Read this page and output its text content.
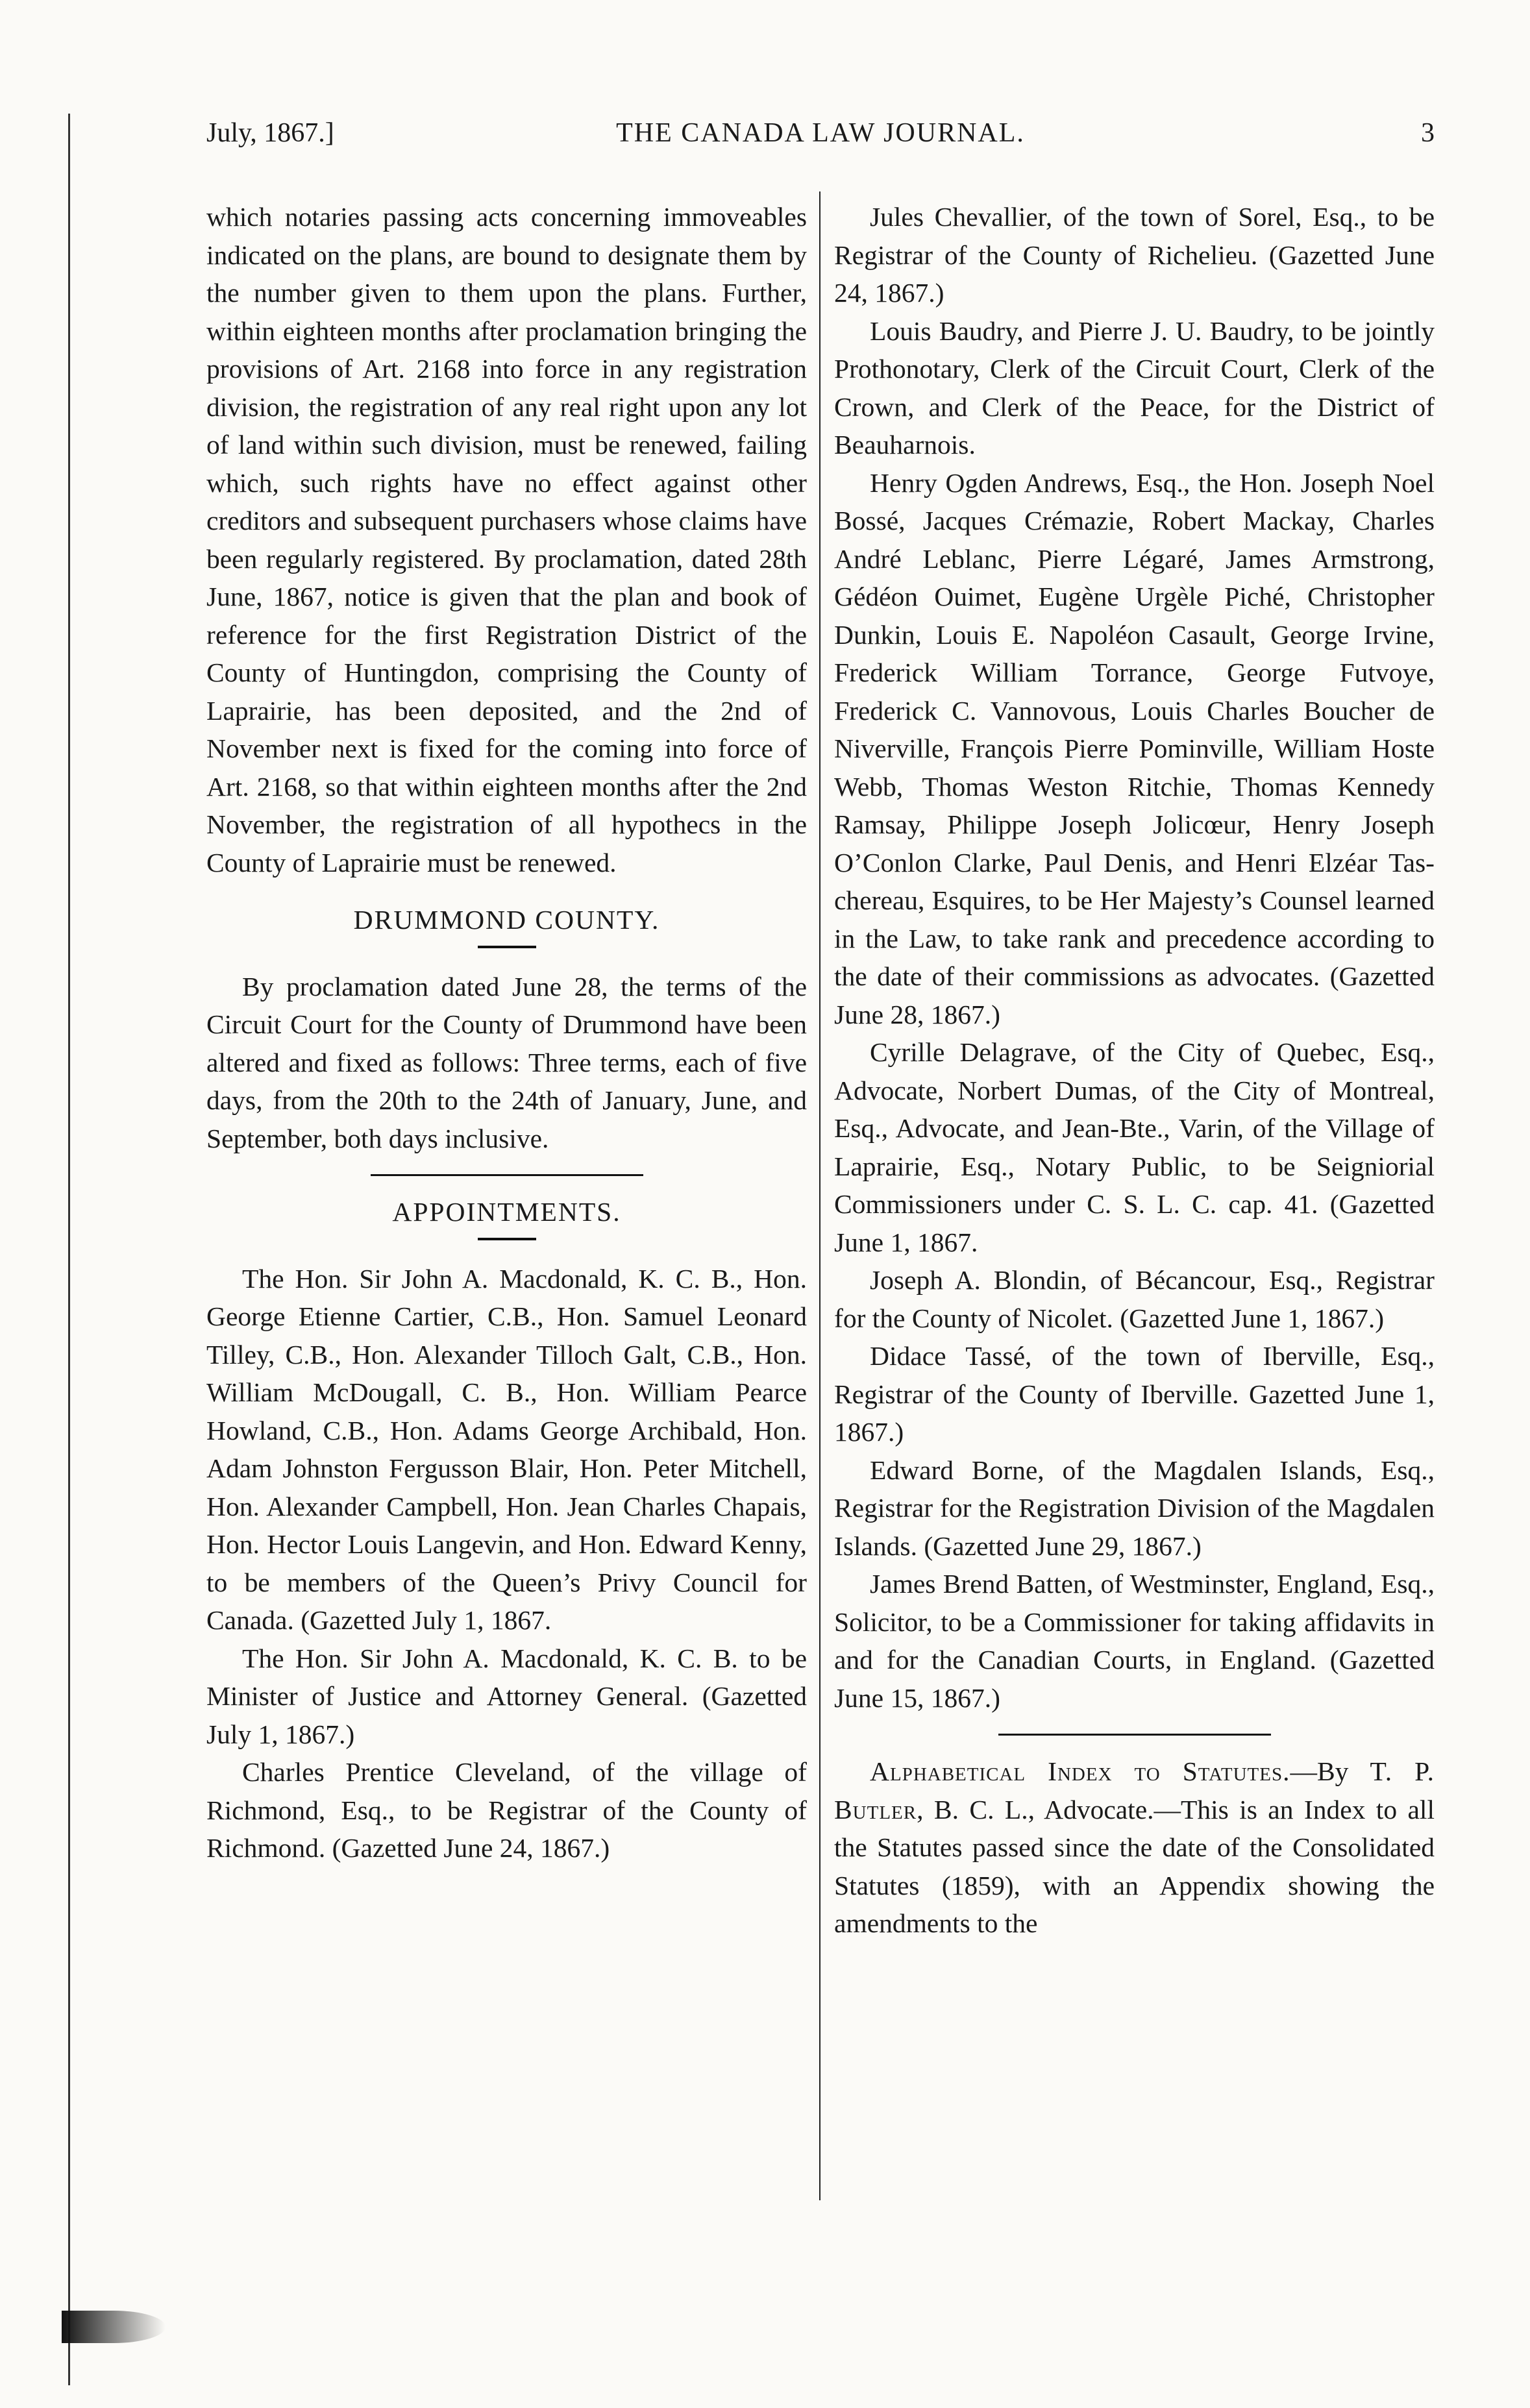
July, 1867.]	THE CANADA LAW JOURNAL.	3

which notaries passing acts concerning immoveables indicated on the plans, are bound to designate them by the number given to them upon the plans. Further, within eighteen months after proclamation bringing the provisions of Art. 2168 into force in any registration division, the registration of any real right upon any lot of land within such division, must be renewed, failing which, such rights have no effect against other creditors and subsequent purchasers whose claims have been regularly registered. By proclamation, dated 28th June, 1867, notice is given that the plan and book of reference for the first Registration District of the County of Huntingdon, comprising the County of Laprairie, has been deposited, and the 2nd of November next is fixed for the coming into force of Art. 2168, so that within eighteen months after the 2nd November, the registration of all hypothecs in the County of Laprairie must be renewed.

DRUMMOND COUNTY.

By proclamation dated June 28, the terms of the Circuit Court for the County of Drummond have been altered and fixed as follows: Three terms, each of five days, from the 20th to the 24th of January, June, and September, both days inclusive.

APPOINTMENTS.

The Hon. Sir John A. Macdonald, K. C. B., Hon. George Etienne Cartier, C.B., Hon. Samuel Leonard Tilley, C.B., Hon. Alexander Tilloch Galt, C.B., Hon. William McDougall, C. B., Hon. William Pearce Howland, C.B., Hon. Adams George Archibald, Hon. Adam Johnston Fergusson Blair, Hon. Peter Mitchell, Hon. Alexander Campbell, Hon. Jean Charles Chapais, Hon. Hector Louis Langevin, and Hon. Edward Kenny, to be members of the Queen’s Privy Council for Canada. (Gazetted July 1, 1867.

The Hon. Sir John A. Macdonald, K. C. B. to be Minister of Justice and Attorney General. (Gazetted July 1, 1867.)

Charles Prentice Cleveland, of the village of Richmond, Esq., to be Registrar of the County of Richmond. (Gazetted June 24, 1867.)

Jules Chevallier, of the town of Sorel, Esq., to be Registrar of the County of Richelieu. (Gazetted June 24, 1867.)

Louis Baudry, and Pierre J. U. Baudry, to be jointly Prothonotary, Clerk of the Circuit Court, Clerk of the Crown, and Clerk of the Peace, for the District of Beauharnois.

Henry Ogden Andrews, Esq., the Hon. Joseph Noel Bossé, Jacques Crémazie, Robert Mackay, Charles André Leblanc, Pierre Légaré, James Armstrong, Gédéon Ouimet, Eugène Urgèle Piché, Christopher Dunkin, Louis E. Napoléon Casault, George Irvine, Frederick William Torrance, George Futvoye, Frederick C. Vannovous, Louis Charles Boucher de Niverville, François Pierre Pominville, William Hoste Webb, Thomas Weston Ritchie, Thomas Kennedy Ramsay, Philippe Joseph Jolicœur, Henry Joseph O’Conlon Clarke, Paul Denis, and Henri Elzéar Taschereau, Esquires, to be Her Majesty’s Counsel learned in the Law, to take rank and precedence according to the date of their commissions as advocates. (Gazetted June 28, 1867.)

Cyrille Delagrave, of the City of Quebec, Esq., Advocate, Norbert Dumas, of the City of Montreal, Esq., Advocate, and Jean-Bte., Varin, of the Village of Laprairie, Esq., Notary Public, to be Seigniorial Commissioners under C. S. L. C. cap. 41. (Gazetted June 1, 1867.

Joseph A. Blondin, of Bécancour, Esq., Registrar for the County of Nicolet. (Gazetted June 1, 1867.)

Didace Tassé, of the town of Iberville, Esq., Registrar of the County of Iberville. Gazetted June 1, 1867.)

Edward Borne, of the Magdalen Islands, Esq., Registrar for the Registration Division of the Magdalen Islands. (Gazetted June 29, 1867.)

James Brend Batten, of Westminster, England, Esq., Solicitor, to be a Commissioner for taking affidavits in and for the Canadian Courts, in England. (Gazetted June 15, 1867.)

Alphabetical Index to Statutes.—By T. P. Butler, B. C. L., Advocate.—This is an Index to all the Statutes passed since the date of the Consolidated Statutes (1859), with an Appendix showing the amendments to the
